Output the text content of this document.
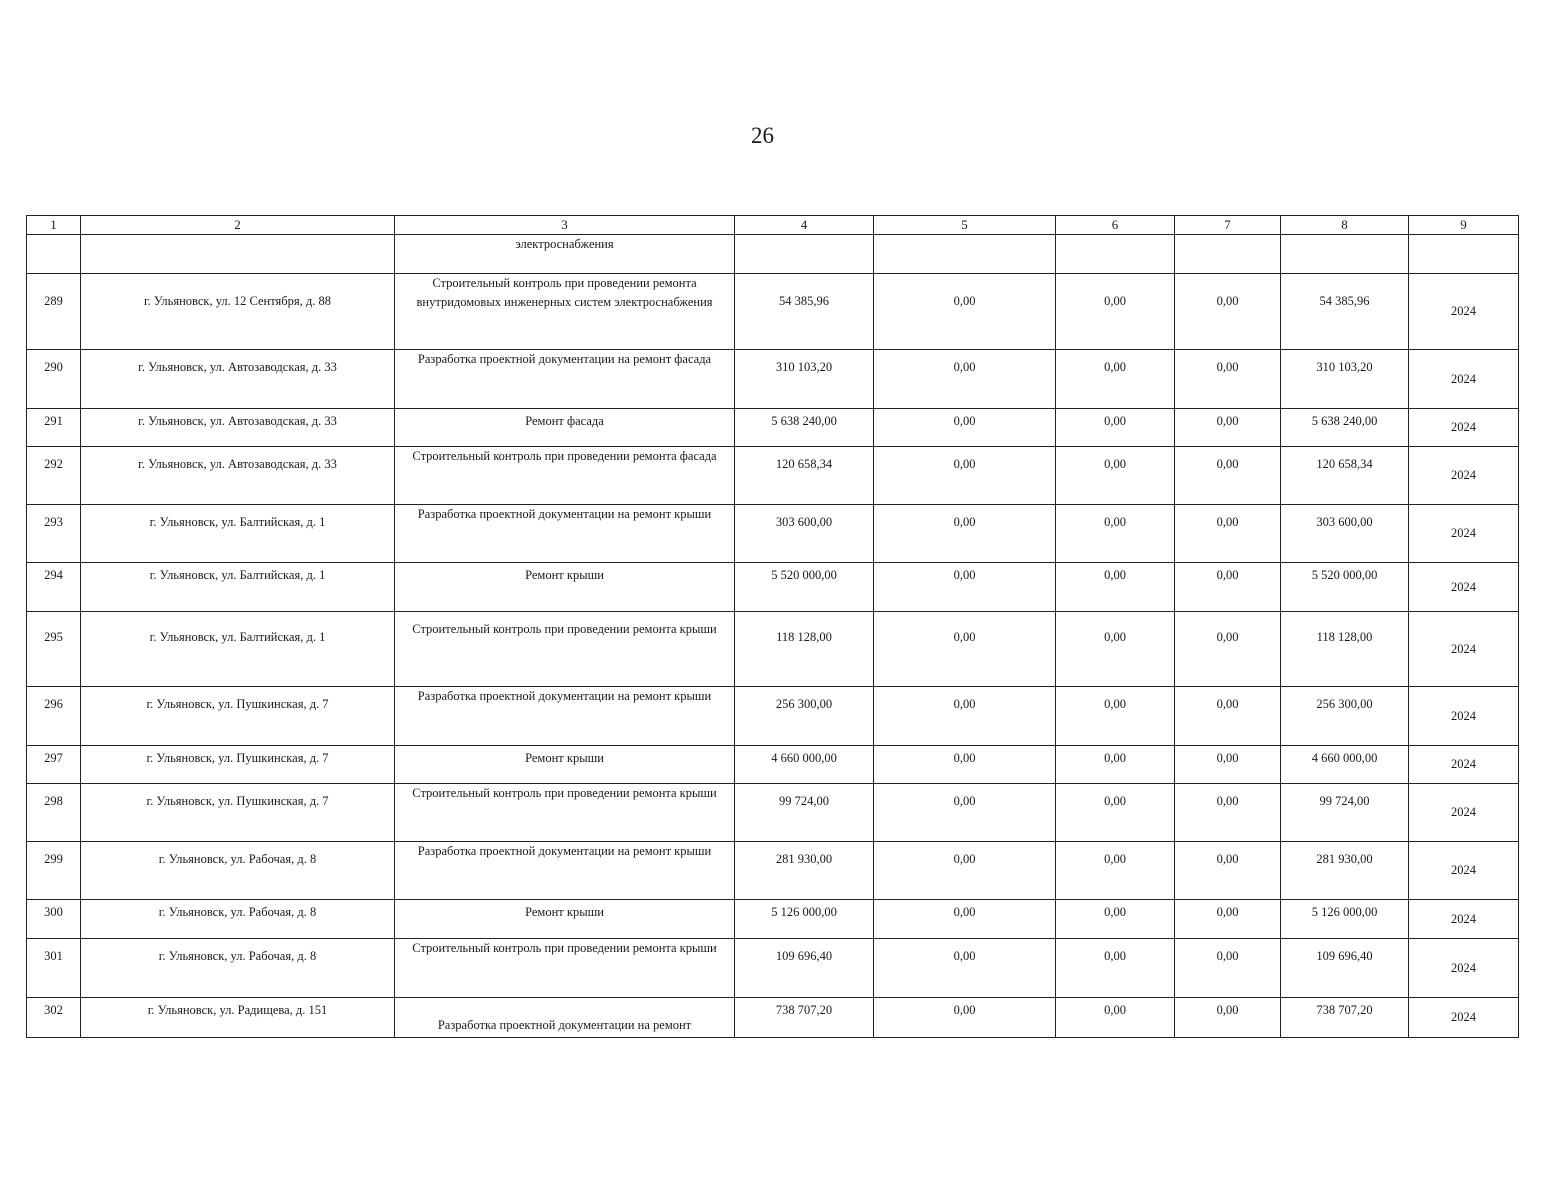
26
1	2	3	4	5	6	7	8	9
		электроснабжения						
289	г. Ульяновск, ул. 12 Сентября, д. 88	Строительный контроль при проведении ремонта внутридомовых инженерных систем электроснабжения	54 385,96	0,00	0,00	0,00	54 385,96	2024
290	г. Ульяновск, ул. Автозаводская, д. 33	Разработка проектной документации на ремонт фасада	310 103,20	0,00	0,00	0,00	310 103,20	2024
291	г. Ульяновск, ул. Автозаводская, д. 33	Ремонт фасада	5 638 240,00	0,00	0,00	0,00	5 638 240,00	2024
292	г. Ульяновск, ул. Автозаводская, д. 33	Строительный контроль при проведении ремонта фасада	120 658,34	0,00	0,00	0,00	120 658,34	2024
293	г. Ульяновск, ул. Балтийская, д. 1	Разработка проектной документации на ремонт крыши	303 600,00	0,00	0,00	0,00	303 600,00	2024
294	г. Ульяновск, ул. Балтийская, д. 1	Ремонт крыши	5 520 000,00	0,00	0,00	0,00	5 520 000,00	2024
295	г. Ульяновск, ул. Балтийская, д. 1	Строительный контроль при проведении ремонта крыши	118 128,00	0,00	0,00	0,00	118 128,00	2024
296	г. Ульяновск, ул. Пушкинская, д. 7	Разработка проектной документации на ремонт крыши	256 300,00	0,00	0,00	0,00	256 300,00	2024
297	г. Ульяновск, ул. Пушкинская, д. 7	Ремонт крыши	4 660 000,00	0,00	0,00	0,00	4 660 000,00	2024
298	г. Ульяновск, ул. Пушкинская, д. 7	Строительный контроль при проведении ремонта крыши	99 724,00	0,00	0,00	0,00	99 724,00	2024
299	г. Ульяновск, ул. Рабочая, д. 8	Разработка проектной документации на ремонт крыши	281 930,00	0,00	0,00	0,00	281 930,00	2024
300	г. Ульяновск, ул. Рабочая, д. 8	Ремонт крыши	5 126 000,00	0,00	0,00	0,00	5 126 000,00	2024
301	г. Ульяновск, ул. Рабочая, д. 8	Строительный контроль при проведении ремонта крыши	109 696,40	0,00	0,00	0,00	109 696,40	2024
302	г. Ульяновск, ул. Радищева, д. 151	Разработка проектной документации на ремонт	738 707,20	0,00	0,00	0,00	738 707,20	2024
